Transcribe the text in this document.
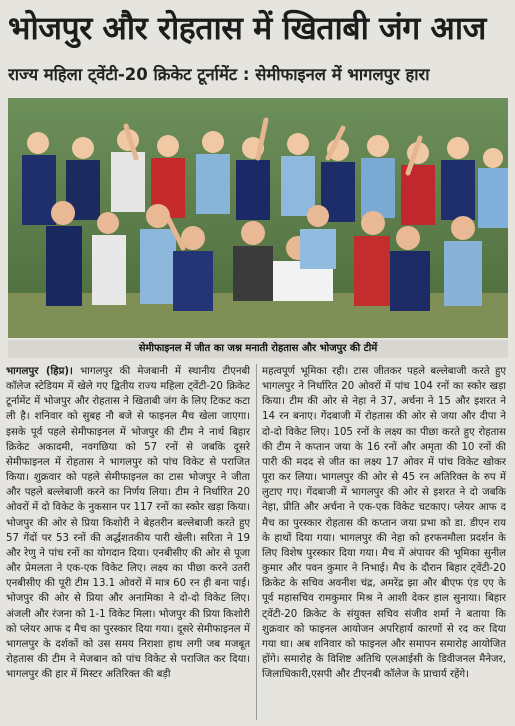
भोजपुर और रोहतास में खिताबी जंग आज
राज्य महिला ट्वेंटी-20 क्रिकेट टूर्नामेंट : सेमीफाइनल में भागलपुर हारा
सेमीफाइनल में जीत का जश्न मनाती रोहतास और भोजपुर की टीमें

भागलपुर (हिप्र)। भागलपुर की मेजबानी में स्थानीय टीएनबी कॉलेज स्टेडियम में खेले गए द्वितीय राज्य महिला ट्वेंटी-20 क्रिकेट टूर्नामेंट में भोजपुर और रोहतास ने खिताबी जंग के लिए टिकट कटा ली है। शनिवार को सुबह नौ बजे से फाइनल मैच खेला जाएगा। इसके पूर्व पहले सेमीफाइनल में भोजपुर की टीम ने नार्थ बिहार क्रिकेट अकादमी, नवगछिया को 57 रनों से जबकि दूसरे सेमीफाइनल में रोहतास ने भागलपुर को पांच विकेट से पराजित किया। शुक्रवार को पहले सेमीफाइनल का टास भोजपुर ने जीता और पहले बल्लेबाजी करने का निर्णय लिया। टीम ने निर्धारित 20 ओवरों में दो विकेट के नुकसान पर 117 रनों का स्कोर खड़ा किया। भोजपुर की ओर से प्रिया किशोरी ने बेहतरीन बल्लेबाजी करते हुए 57 गेंदों पर 53 रनों की अर्द्धशतकीय पारी खेली। सरिता ने 19 और रेणु ने पांच रनों का योगदान दिया। एनबीसीए की ओर से पूजा और प्रेमलता ने एक-एक विकेट लिए। लक्ष्य का पीछा करने उतरी एनबीसीए की पूरी टीम 13.1 ओवरों में मात्र 60 रन ही बना पाई। भोजपुर की ओर से प्रिया और अनामिका ने दो-दो विकेट लिए। अंजली और रंजना को 1-1 विकेट मिला। भोजपुर की प्रिया किशोरी को प्लेयर आफ द मैच का पुरस्कार दिया गया। दूसरे सेमीफाइनल में भागलपुर के दर्शकों को उस समय निराशा हाथ लगी जब मजबूत रोहतास की टीम ने मेजबान को पांच विकेट से पराजित कर दिया। भागलपुर की हार में मिस्टर अतिरिक्त की बड़ी

महत्वपूर्ण भूमिका रही। टास जीतकर पहले बल्लेबाजी करते हुए भागलपुर ने निर्धारित 20 ओवरों में पांच 104 रनों का स्कोर खड़ा किया। टीम की ओर से नेहा ने 37, अर्चना ने 15 और इशरत ने 14 रन बनाए। गेंदबाजी में रोहतास की ओर से जया और दीपा ने दो-दो विकेट लिए। 105 रनों के लक्ष्य का पीछा करते हुए रोहतास की टीम ने कप्तान जया के 16 रनों और अमृता की 10 रनों की पारी की मदद से जीत का लक्ष्य 17 ओवर में पांच विकेट खोकर पूरा कर लिया। भागलपुर की ओर से 45 रन अतिरिक्त के रुप में लुटाए गए। गेंदबाजी में भागलपुर की ओर से इशरत ने दो जबकि नेहा, प्रीति और अर्चना ने एक-एक विकेट चटकाए। प्लेयर आफ द मैच का पुरस्कार रोहतास की कप्तान जया प्रभा को डा. डीएन राय के हाथों दिया गया। भागलपुर की नेहा को हरफनमौला प्रदर्शन के लिए विशेष पुरस्कार दिया गया। मैच में अंपायर की भूमिका सुनील कुमार और पवन कुमार ने निभाई। मैच के दौरान बिहार ट्वेंटी-20 क्रिकेट के सचिव अवनीश चंद्र, अमरेंद्र झा और बीएफ एंड एए के पूर्व महासचिव रामकुमार मिश्र ने आशी देकर हाल सुनाया। बिहार ट्वेंटी-20 क्रिकेट के संयुक्त सचिव संजीव शर्मा ने बताया कि शुक्रवार को फाइनल आयोजन अपरिहार्य कारणों से रद कर दिया गया था। अब शनिवार को फाइनल और समापन समारोह आयोजित होंगे। समारोह के विशिष्ट अतिथि एलआईसी के डिवीजनल मैनेजर, जिलाधिकारी,एसपी और टीएनबी कॉलेज के प्राचार्य रहेंगे।
